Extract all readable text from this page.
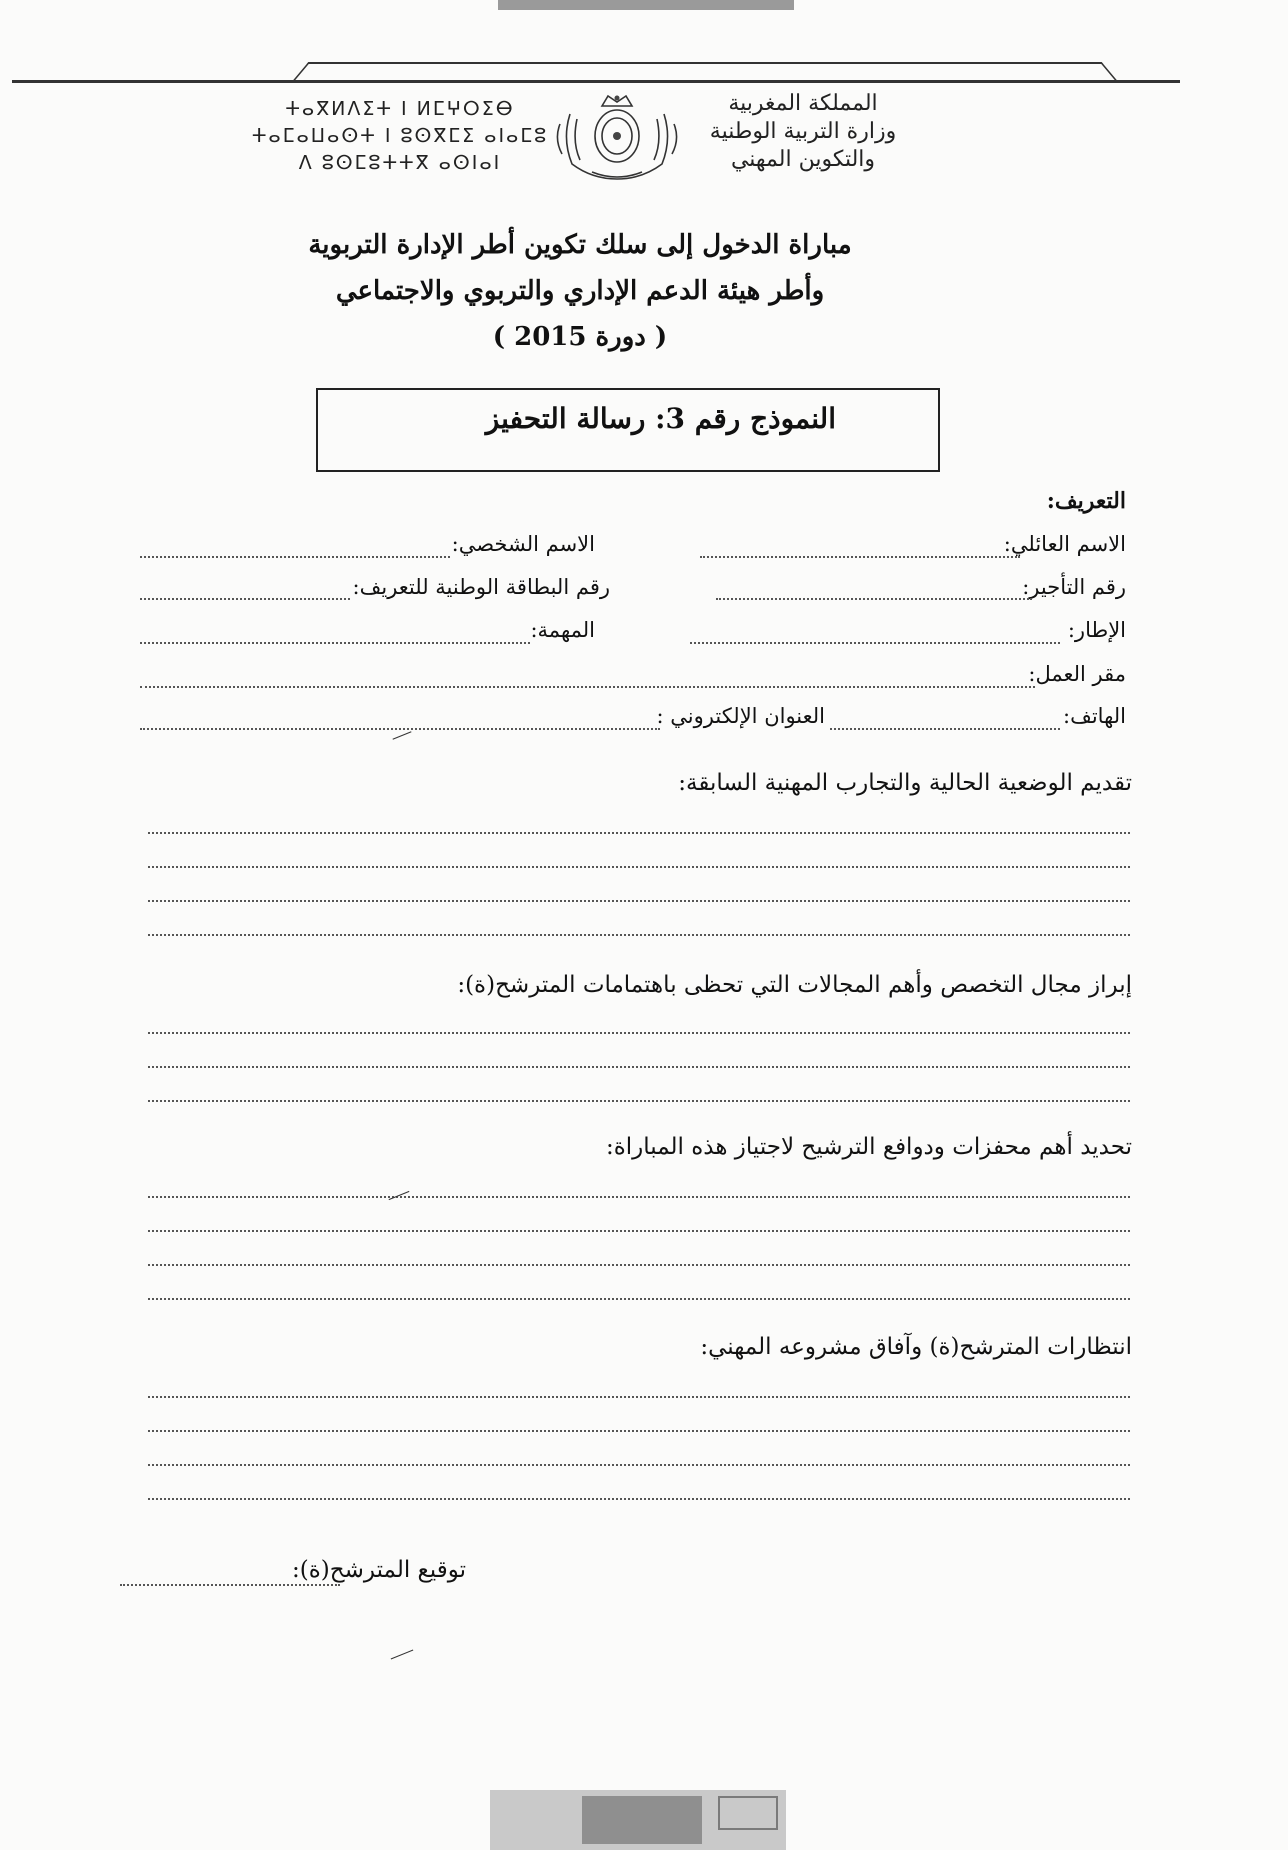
ⵜⴰⴳⵍⴷⵉⵜ ⵏ ⵍⵎⵖⵔⵉⴱ
ⵜⴰⵎⴰⵡⴰⵙⵜ ⵏ ⵓⵙⴳⵎⵉ ⴰⵏⴰⵎⵓ
ⴷ ⵓⵙⵎⵓⵜⵜⴳ ⴰⵙⵏⴰⵏ
المملكة المغربية
وزارة التربية الوطنية
والتكوين المهني
مباراة الدخول إلى سلك تكوين أطر الإدارة التربوية
وأطر هيئة الدعم الإداري والتربوي والاجتماعي
( دورة 2015 )
النموذج رقم 3: رسالة التحفيز
التعريف:
الاسم العائلي:
الاسم الشخصي:
رقم التأجير:
رقم البطاقة الوطنية للتعريف:
الإطار:
المهمة:
مقر العمل:
الهاتف:
العنوان الإلكتروني :
تقديم الوضعية الحالية والتجارب المهنية السابقة:
إبراز مجال التخصص وأهم المجالات التي تحظى باهتمامات المترشح(ة):
تحديد أهم محفزات ودوافع الترشيح لاجتياز هذه المباراة:
انتظارات المترشح(ة) وآفاق مشروعه المهني:
توقيع المترشح(ة):
